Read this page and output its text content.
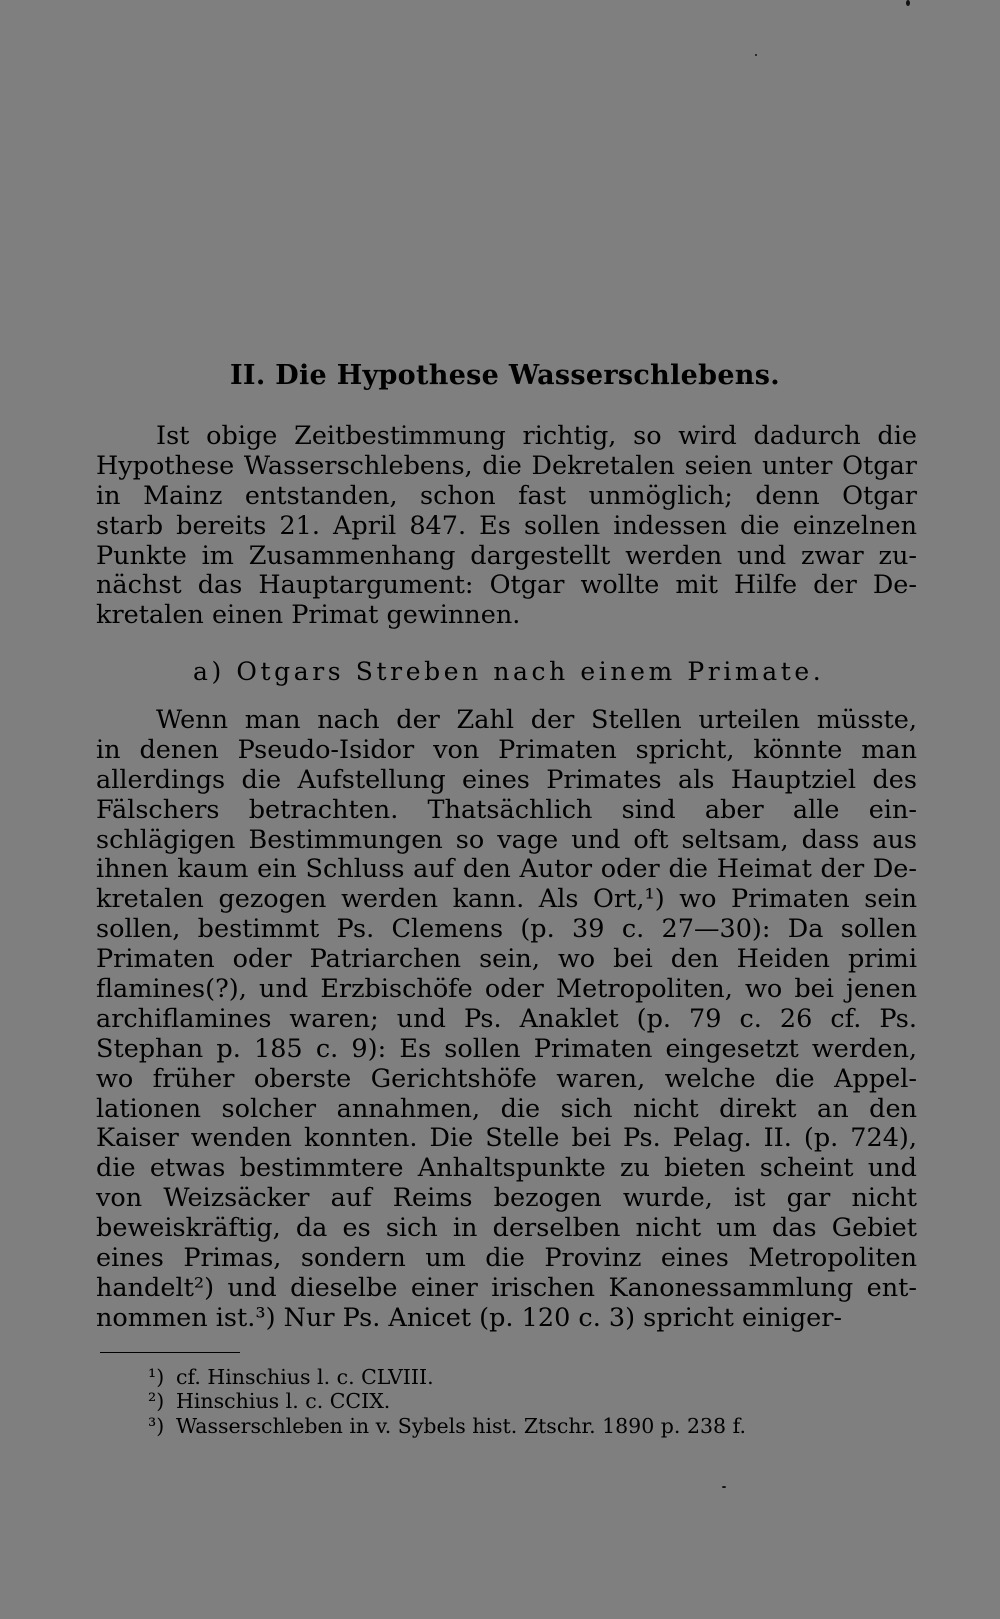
II. Die Hypothese Wasserschlebens.
Ist obige Zeitbestimmung richtig, so wird dadurch die
Hypothese Wasserschlebens, die Dekretalen seien unter Otgar
in Mainz entstanden, schon fast unmöglich; denn Otgar
starb bereits 21. April 847. Es sollen indessen die einzelnen
Punkte im Zusammenhang dargestellt werden und zwar zu-
nächst das Hauptargument: Otgar wollte mit Hilfe der De-
kretalen einen Primat gewinnen.
a) Otgars Streben nach einem Primate.
Wenn man nach der Zahl der Stellen urteilen müsste,
in denen Pseudo-Isidor von Primaten spricht, könnte man
allerdings die Aufstellung eines Primates als Hauptziel des
Fälschers betrachten. Thatsächlich sind aber alle ein-
schlägigen Bestimmungen so vage und oft seltsam, dass aus
ihnen kaum ein Schluss auf den Autor oder die Heimat der De-
kretalen gezogen werden kann. Als Ort,¹) wo Primaten sein
sollen, bestimmt Ps. Clemens (p. 39 c. 27—30): Da sollen
Primaten oder Patriarchen sein, wo bei den Heiden primi
flamines(?), und Erzbischöfe oder Metropoliten, wo bei jenen
archiflamines waren; und Ps. Anaklet (p. 79 c. 26 cf. Ps.
Stephan p. 185 c. 9): Es sollen Primaten eingesetzt werden,
wo früher oberste Gerichtshöfe waren, welche die Appel-
lationen solcher annahmen, die sich nicht direkt an den
Kaiser wenden konnten. Die Stelle bei Ps. Pelag. II. (p. 724),
die etwas bestimmtere Anhaltspunkte zu bieten scheint und
von Weizsäcker auf Reims bezogen wurde, ist gar nicht
beweiskräftig, da es sich in derselben nicht um das Gebiet
eines Primas, sondern um die Provinz eines Metropoliten
handelt²) und dieselbe einer irischen Kanonessammlung ent-
nommen ist.³) Nur Ps. Anicet (p. 120 c. 3) spricht einiger-
¹) cf. Hinschius l. c. CLVIII.
²) Hinschius l. c. CCIX.
³) Wasserschleben in v. Sybels hist. Ztschr. 1890 p. 238 f.
